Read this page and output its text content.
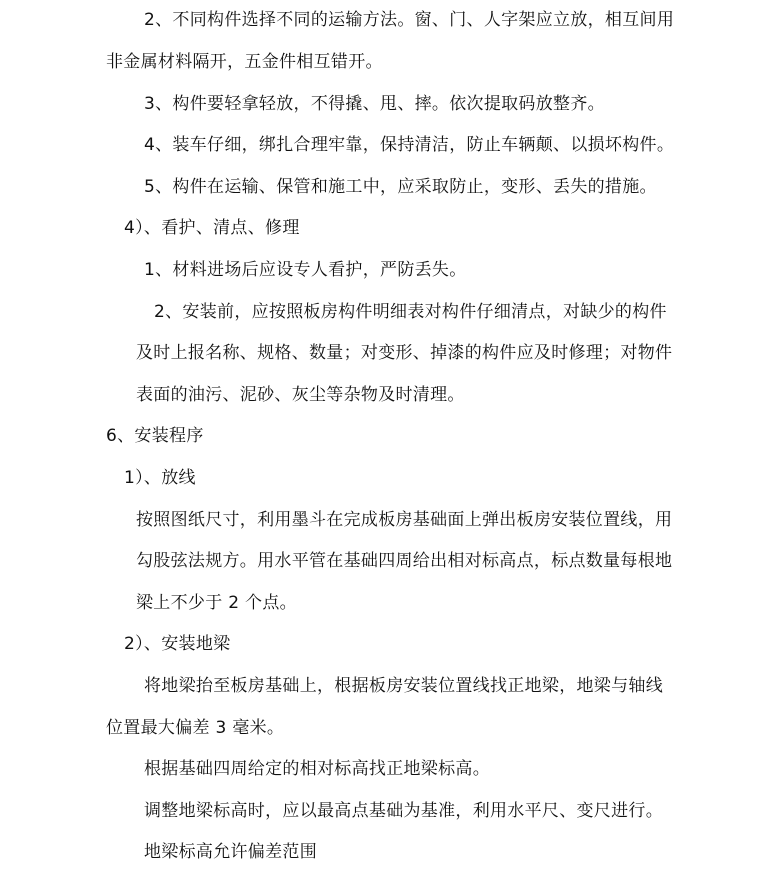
2、不同构件选择不同的运输方法。窗、门、人字架应立放，相互间用
非金属材料隔开，五金件相互错开。
3、构件要轻拿轻放，不得撬、甩、摔。依次提取码放整齐。
4、装车仔细，绑扎合理牢靠，保持清洁，防止车辆颠、以损坏构件。
5、构件在运输、保管和施工中，应采取防止，变形、丢失的措施。
4）、看护、清点、修理
1、材料进场后应设专人看护，严防丢失。
2、安装前，应按照板房构件明细表对构件仔细清点，对缺少的构件
及时上报名称、规格、数量；对变形、掉漆的构件应及时修理；对物件
表面的油污、泥砂、灰尘等杂物及时清理。
6、安装程序
1）、放线
按照图纸尺寸，利用墨斗在完成板房基础面上弹出板房安装位置线，用
勾股弦法规方。用水平管在基础四周给出相对标高点，标点数量每根地
梁上不少于 2 个点。
2）、安装地梁
将地梁抬至板房基础上，根据板房安装位置线找正地梁，地梁与轴线
位置最大偏差 3 毫米。
根据基础四周给定的相对标高找正地梁标高。
调整地梁标高时，应以最高点基础为基准，利用水平尺、变尺进行。
地梁标高允许偏差范围
